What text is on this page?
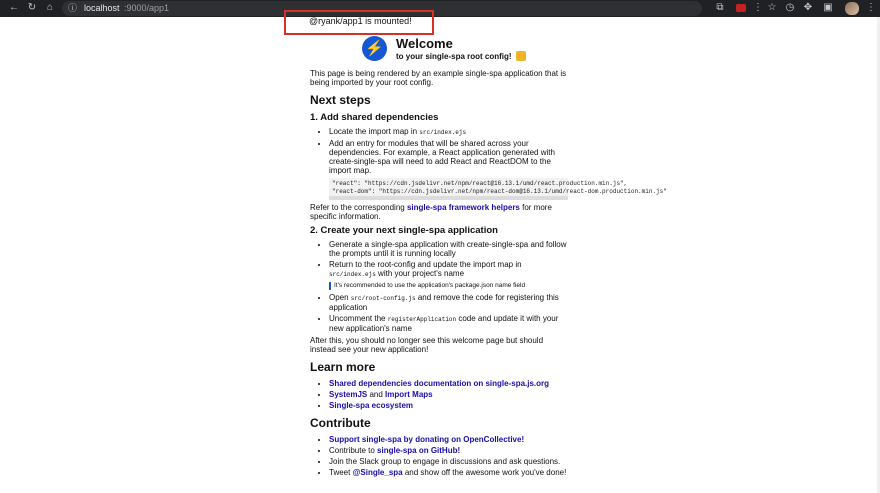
← ↻ ⌂	ⓘ localhost :9000/app1	⧉	⋮ ☆ ◷ ✥ ▣	⋮
@ryank/app1 is mounted!
⚡ Welcome
to your single-spa root config!

This page is being rendered by an example single-spa application that is being imported by your root config.

Next steps
1. Add shared dependencies
• Locate the import map in src/index.ejs
• Add an entry for modules that will be shared across your dependencies. For example, a React application generated with create-single-spa will need to add React and ReactDOM to the import map.
"react": "https://cdn.jsdelivr.net/npm/react@16.13.1/umd/react.production.min.js",
"react-dom": "https://cdn.jsdelivr.net/npm/react-dom@16.13.1/umd/react-dom.production.min.js"

Refer to the corresponding single-spa framework helpers for more specific information.

2. Create your next single-spa application
• Generate a single-spa application with create-single-spa and follow the prompts until it is running locally
• Return to the root-config and update the import map in src/index.ejs with your project's name
It's recommended to use the application's package.json name field
• Open src/root-config.js and remove the code for registering this application
• Uncomment the registerApplication code and update it with your new application's name

After this, you should no longer see this welcome page but should instead see your new application!

Learn more
• Shared dependencies documentation on single-spa.js.org
• SystemJS and Import Maps
• Single-spa ecosystem
Contribute
• Support single-spa by donating on OpenCollective!
• Contribute to single-spa on GitHub!
• Join the Slack group to engage in discussions and ask questions.
• Tweet @Single_spa and show off the awesome work you've done!
